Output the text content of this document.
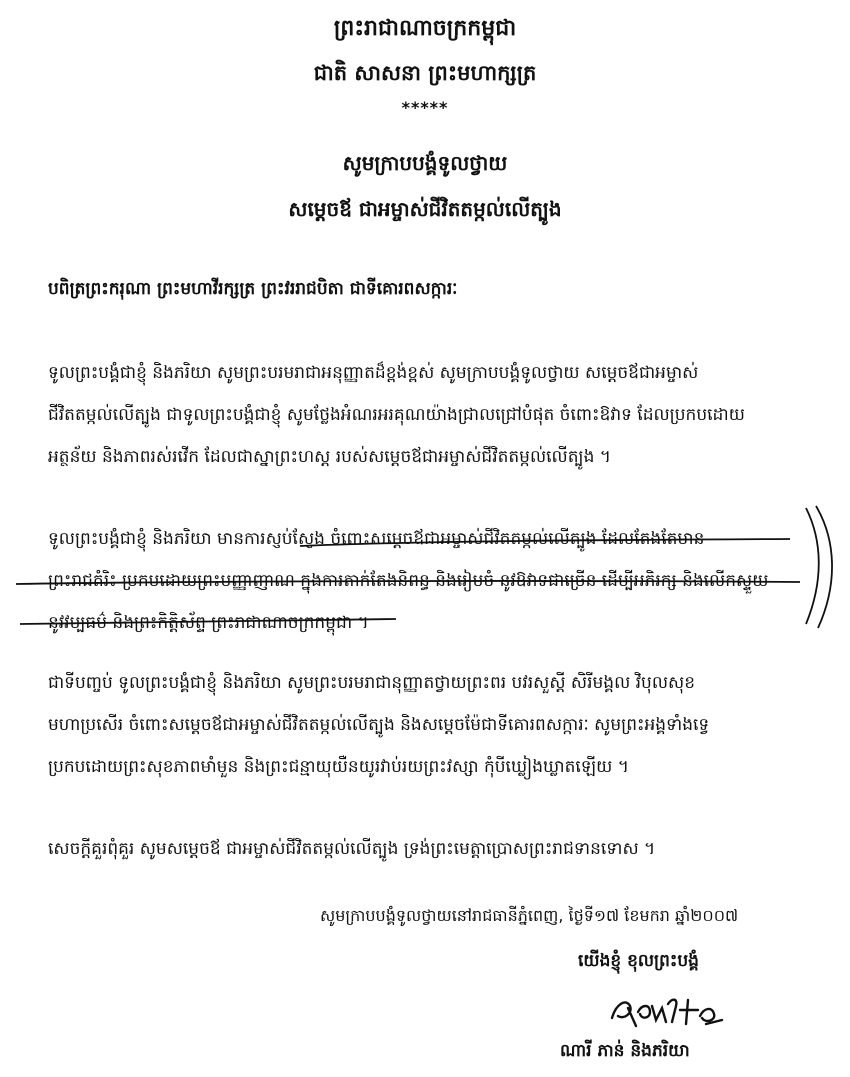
ព្រះរាជាណាចក្រកម្ពុជា
ជាតិ សាសនា ព្រះមហាក្សត្រ
*****
សូមក្រាបបង្គំទូលថ្វាយ
សម្តេចឪ ជាអម្ចាស់ជីវិតតម្កល់លើត្បូង
បពិត្រព្រះករុណា ព្រះមហាវីរក្សត្រ ព្រះវររាជបិតា ជាទីគោរពសក្ការៈ
ទូលព្រះបង្គំជាខ្ញុំ និងភរិយា សូមព្រះបរមរាជាអនុញ្ញាតដ៏ខ្ពង់ខ្ពស់ សូមក្រាបបង្គំទូលថ្វាយ សម្តេចឪជាអម្ចាស់
ជីវិតតម្កល់លើត្បូង ជាទូលព្រះបង្គំជាខ្ញុំ សូមថ្លែងអំណរអរគុណយ៉ាងជ្រាលជ្រៅបំផុត ចំពោះឱវាទ ដែលប្រកបដោយ
អត្ថន័យ និងភាពរស់រវើក ដែលជាស្នាព្រះហស្ត របស់សម្តេចឪជាអម្ចាស់ជីវិតតម្កល់លើត្បូង ។
ទូលព្រះបង្គំជាខ្ញុំ និងភរិយា មានការស្ញប់ស្ញែង ចំពោះសម្តេចឪជាអម្ចាស់ជីវិតតម្កល់លើត្បូង ដែលតែងតែមាន
ព្រះរាជតំរិះ ប្រកបដោយព្រះបញ្ញាញាណ ក្នុងការតាក់តែងនិពន្ធ និងរៀបចំ នូវឱវាទជាច្រើន ដើម្បីអភិរក្ស និងលើកស្ទួយ
នូវវប្បធម៌ និងព្រះកិត្តិស័ព្ទ ព្រះរាជាណាចក្រកម្ពុជា ។
ជាទីបញ្ចប់ ទូលព្រះបង្គំជាខ្ញុំ និងភរិយា សូមព្រះបរមរាជានុញ្ញាតថ្វាយព្រះពរ បវរសួស្តី សិរីមង្គល វិបុលសុខ
មហាប្រសើរ ចំពោះសម្តេចឪជាអម្ចាស់ជីវិតតម្កល់លើត្បូង និងសម្តេចម៉ែជាទីគោរពសក្ការៈ សូមព្រះអង្គទាំងទ្វេ
ប្រកបដោយព្រះសុខភាពមាំមួន និងព្រះជន្មាយុយឺនយូរវាប់រយព្រះវស្សា កុំបីឃ្លៀងឃ្លាតឡើយ ។
សេចក្តីគួរពុំគួរ សូមសម្តេចឪ ជាអម្ចាស់ជីវិតតម្កល់លើត្បូង ទ្រង់ព្រះមេត្តាប្រោសព្រះរាជទានទោស ។
សូមក្រាបបង្គំទូលថ្វាយនៅរាជធានីភ្នំពេញ, ថ្ងៃទី១៧ ខែមករា ឆ្នាំ២០០៧
យើងខ្ញុំ ខុលព្រះបង្គំ
ណារី ភាន់ និងភរិយា
